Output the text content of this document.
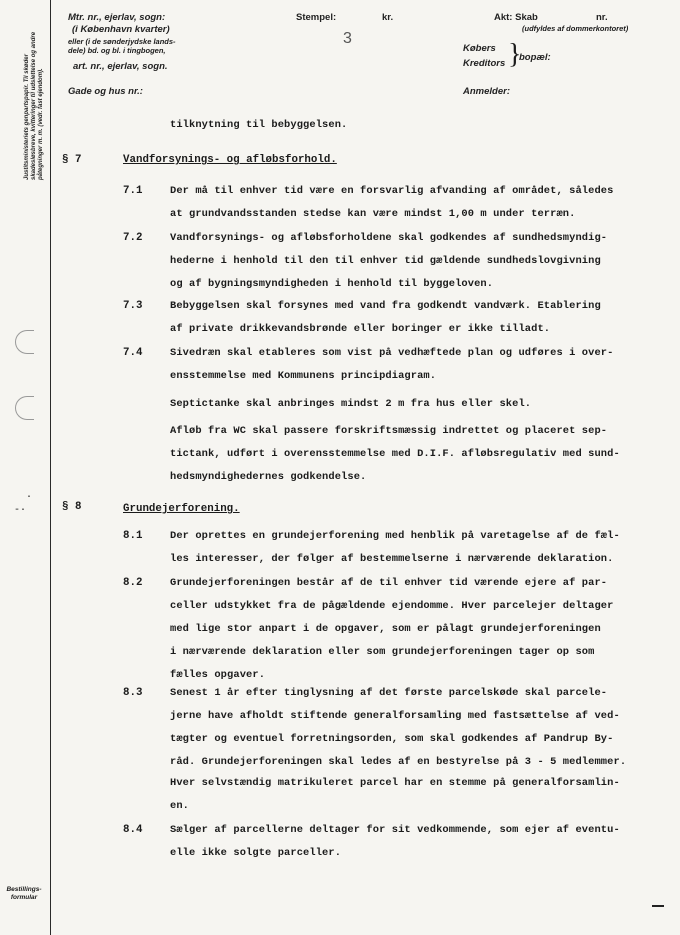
Justitsministeriets genpartspapir. Til skøder skadesløsbreve, kvitteringer til udslettelse og andre påtegninger m. m. (vedr. fast ejendom).
·
-·
Bestillings-
formular
Mtr. nr., ejerlav, sogn:
(i København kvarter)
eller (i de sønderjydske lands-
dele) bd. og bl. i tingbogen,
art. nr., ejerlav, sogn.
Gade og hus nr.:
Stempel:	kr.
3
Akt: Skab	nr.
(udfyldes af dommerkontoret)
Købers
Kreditors }
bopæl:
Anmelder:
tilknytning til bebyggelsen.
§ 7	Vandforsynings- og afløbsforhold.
7.1	Der må til enhver tid være en forsvarlig afvanding af området, således
at grundvandsstanden stedse kan være mindst 1,00 m under terræn.
7.2	Vandforsynings- og afløbsforholdene skal godkendes af sundhedsmyndig-
hederne i henhold til den til enhver tid gældende sundhedslovgivning
og af bygningsmyndigheden i henhold til byggeloven.
7.3	Bebyggelsen skal forsynes med vand fra godkendt vandværk. Etablering
af private drikkevandsbrønde eller boringer er ikke tilladt.
7.4	Sivedræn skal etableres som vist på vedhæftede plan og udføres i over-
ensstemmelse med Kommunens principdiagram.
Septictanke skal anbringes mindst 2 m fra hus eller skel.
Afløb fra WC skal passere forskriftsmæssig indrettet og placeret sep-
tictank, udført i overensstemmelse med D.I.F. afløbsregulativ med sund-
hedsmyndighedernes godkendelse.
§ 8	Grundejerforening.
8.1	Der oprettes en grundejerforening med henblik på varetagelse af de fæl-
les interesser, der følger af bestemmelserne i nærværende deklaration.
8.2	Grundejerforeningen består af de til enhver tid værende ejere af par-
celler udstykket fra de pågældende ejendomme. Hver parcelejer deltager
med lige stor anpart i de opgaver, som er pålagt grundejerforeningen
i nærværende deklaration eller som grundejerforeningen tager op som
fælles opgaver.
8.3	Senest 1 år efter tinglysning af det første parcelskøde skal parcele-
jerne have afholdt stiftende generalforsamling med fastsættelse af ved-
tægter og eventuel forretningsorden, som skal godkendes af Pandrup By-
råd. Grundejerforeningen skal ledes af en bestyrelse på 3 - 5 medlemmer.
Hver selvstændig matrikuleret parcel har en stemme på generalforsamlin-
en.
8.4	Sælger af parcellerne deltager for sit vedkommende, som ejer af eventu-
elle ikke solgte parceller.
